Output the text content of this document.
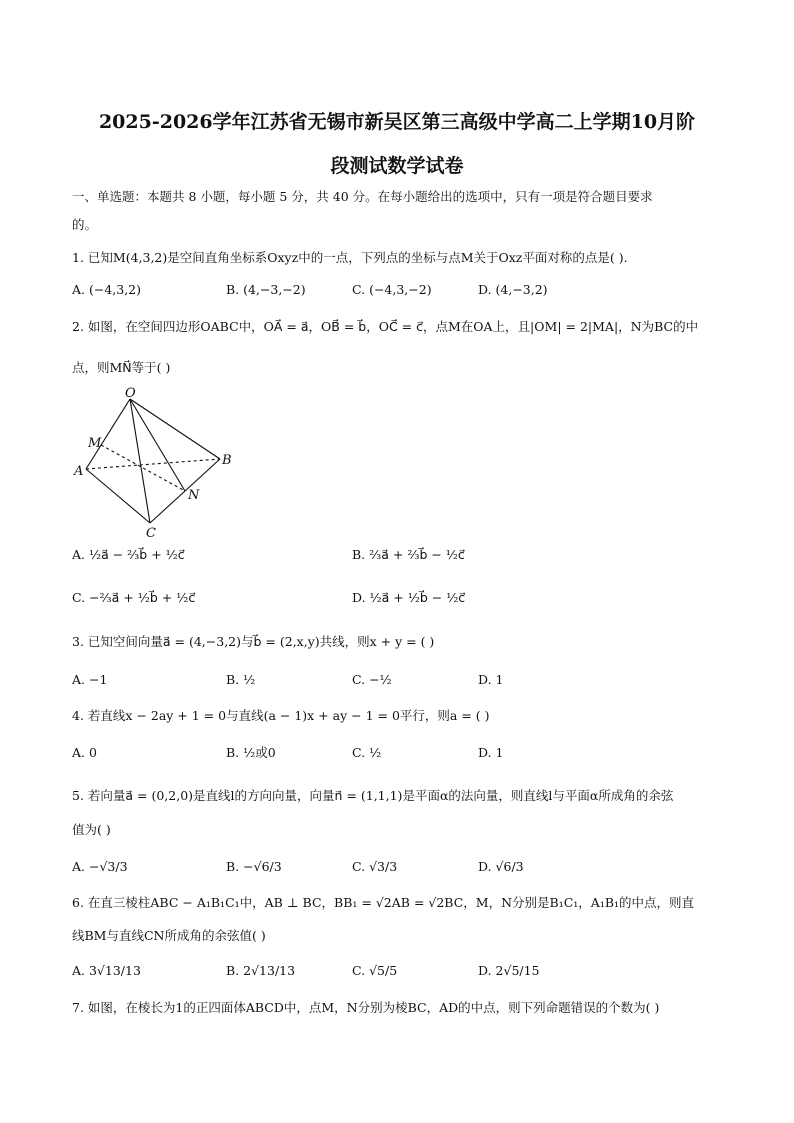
2025-2026学年江苏省无锡市新吴区第三高级中学高二上学期10月阶
段测试数学试卷
一、单选题：本题共 8 小题，每小题 5 分，共 40 分。在每小题给出的选项中，只有一项是符合题目要求
的。
1. 已知M(4,3,2)是空间直角坐标系Oxyz中的一点，下列点的坐标与点M关于Oxz平面对称的点是( ).
A. (−4,3,2)	B. (4,−3,−2)	C. (−4,3,−2)	D. (4,−3,2)
2. 如图，在空间四边形OABC中，OA⃗ = a⃗，OB⃗ = b⃗，OC⃗ = c⃗，点M在OA上，且|OM| = 2|MA|，N为BC的中
点，则MN⃗等于( )
O
M
A
B
N
C
A. ½a⃗ − ⅔b⃗ + ½c⃗	B. ⅔a⃗ + ⅔b⃗ − ½c⃗
C. −⅔a⃗ + ½b⃗ + ½c⃗	D. ½a⃗ + ½b⃗ − ½c⃗
3. 已知空间向量a⃗ = (4,−3,2)与b⃗ = (2,x,y)共线，则x + y = ( )
A. −1	B. ½	C. −½	D. 1
4. 若直线x − 2ay + 1 = 0与直线(a − 1)x + ay − 1 = 0平行，则a = ( )
A. 0	B. ½或0	C. ½	D. 1
5. 若向量a⃗ = (0,2,0)是直线l的方向向量，向量n⃗ = (1,1,1)是平面α的法向量，则直线l与平面α所成角的余弦
值为( )
A. −√3/3	B. −√6/3	C. √3/3	D. √6/3
6. 在直三棱柱ABC − A₁B₁C₁中，AB ⊥ BC，BB₁ = √2AB = √2BC，M，N分别是B₁C₁，A₁B₁的中点，则直
线BM与直线CN所成角的余弦值( )
A. 3√13/13	B. 2√13/13	C. √5/5	D. 2√5/15
7. 如图，在棱长为1的正四面体ABCD中，点M，N分别为棱BC，AD的中点，则下列命题错误的个数为( )
